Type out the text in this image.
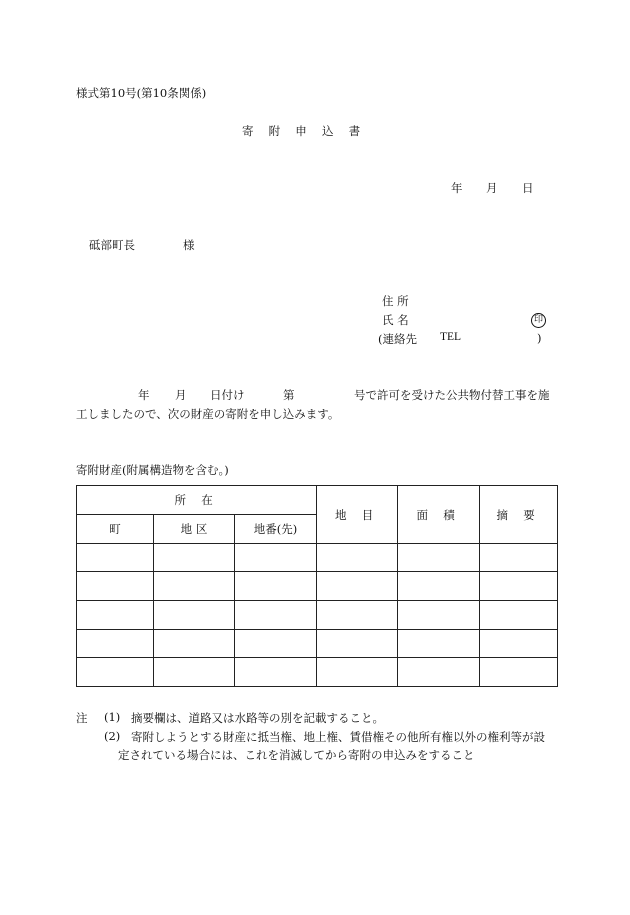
様式第10号(第10条関係)
寄 附 申 込 書
年 月 日
砥部町長	様
住 所
氏 名	印
(連絡先 TEL	)
年 月 日付け	第	号で許可を受けた公共物付替工事を施
工しましたので、次の財産の寄附を申し込みます。
寄附財産(附属構造物を含む。)
所 在			地 目	面 積	摘 要
町	地 区	地番(先)			

注 (1) 摘要欄は、道路又は水路等の別を記載すること。
(2) 寄附しようとする財産に抵当権、地上権、賃借権その他所有権以外の権利等が設
定されている場合には、これを消滅してから寄附の申込みをすること
